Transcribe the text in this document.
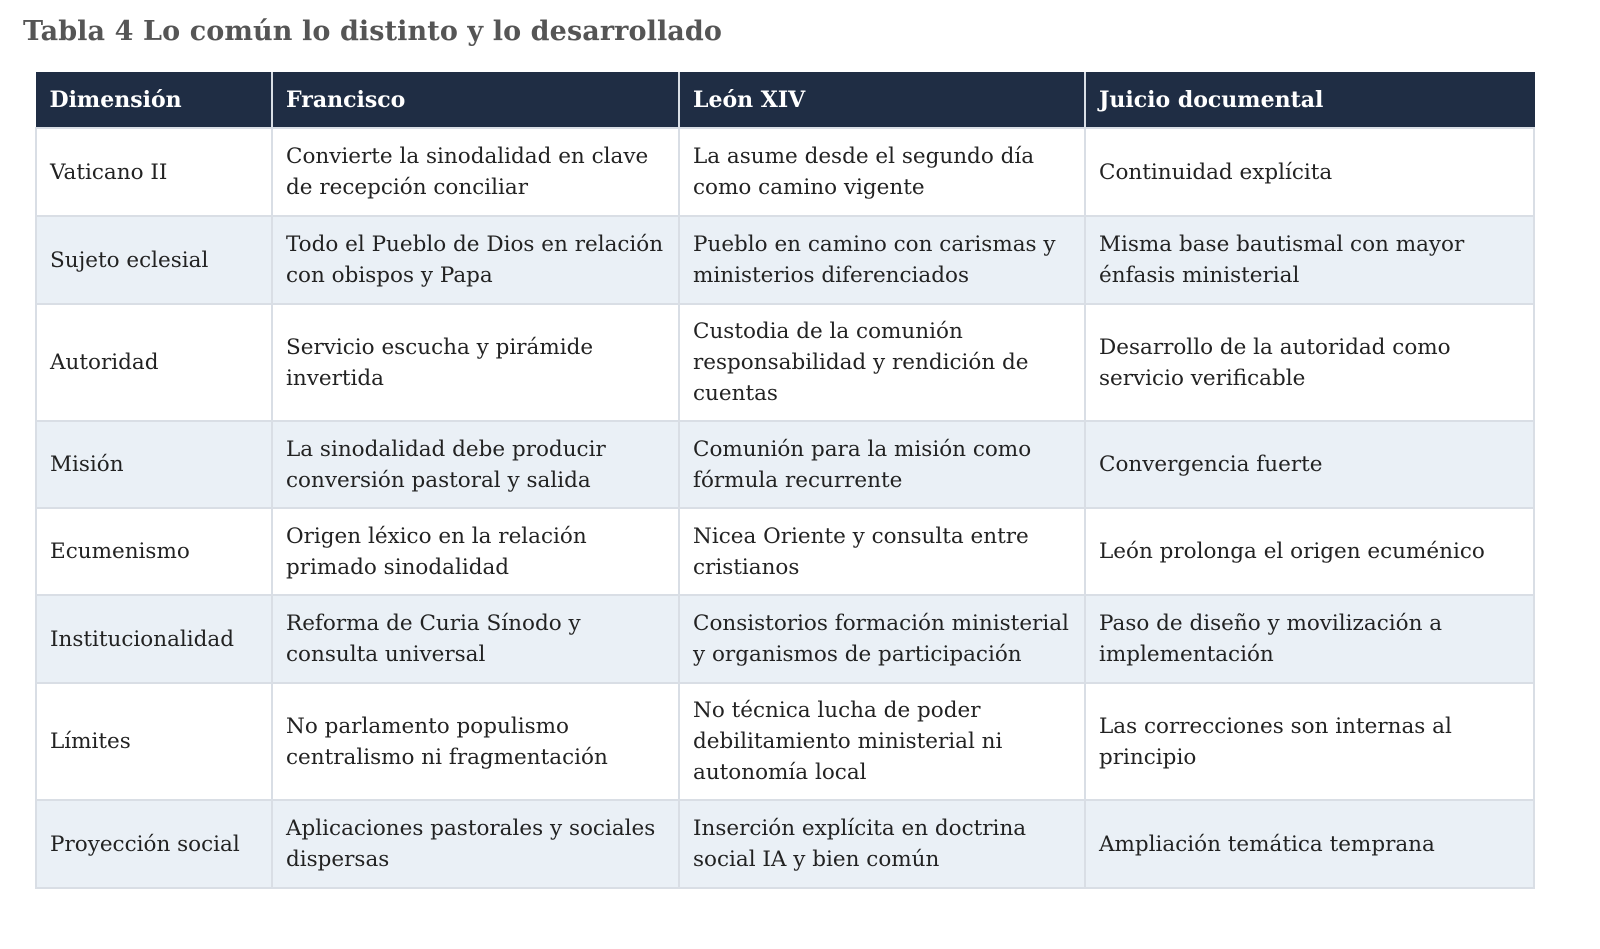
Tabla 4 Lo común lo distinto y lo desarrollado
Dimensión	Francisco	León XIV	Juicio documental
Vaticano II	Convierte la sinodalidad en clave de recepción conciliar	La asume desde el segundo día como camino vigente	Continuidad explícita
Sujeto eclesial	Todo el Pueblo de Dios en relación con obispos y Papa	Pueblo en camino con carismas y ministerios diferenciados	Misma base bautismal con mayor énfasis ministerial
Autoridad	Servicio escucha y pirámide invertida	Custodia de la comunión responsabilidad y rendición de cuentas	Desarrollo de la autoridad como servicio verificable
Misión	La sinodalidad debe producir conversión pastoral y salida	Comunión para la misión como fórmula recurrente	Convergencia fuerte
Ecumenismo	Origen léxico en la relación primado sinodalidad	Nicea Oriente y consulta entre cristianos	León prolonga el origen ecuménico
Institucionalidad	Reforma de Curia Sínodo y consulta universal	Consistorios formación ministerial y organismos de participación	Paso de diseño y movilización a implementación
Límites	No parlamento populismo centralismo ni fragmentación	No técnica lucha de poder debilitamiento ministerial ni autonomía local	Las correcciones son internas al principio
Proyección social	Aplicaciones pastorales y sociales dispersas	Inserción explícita en doctrina social IA y bien común	Ampliación temática temprana
